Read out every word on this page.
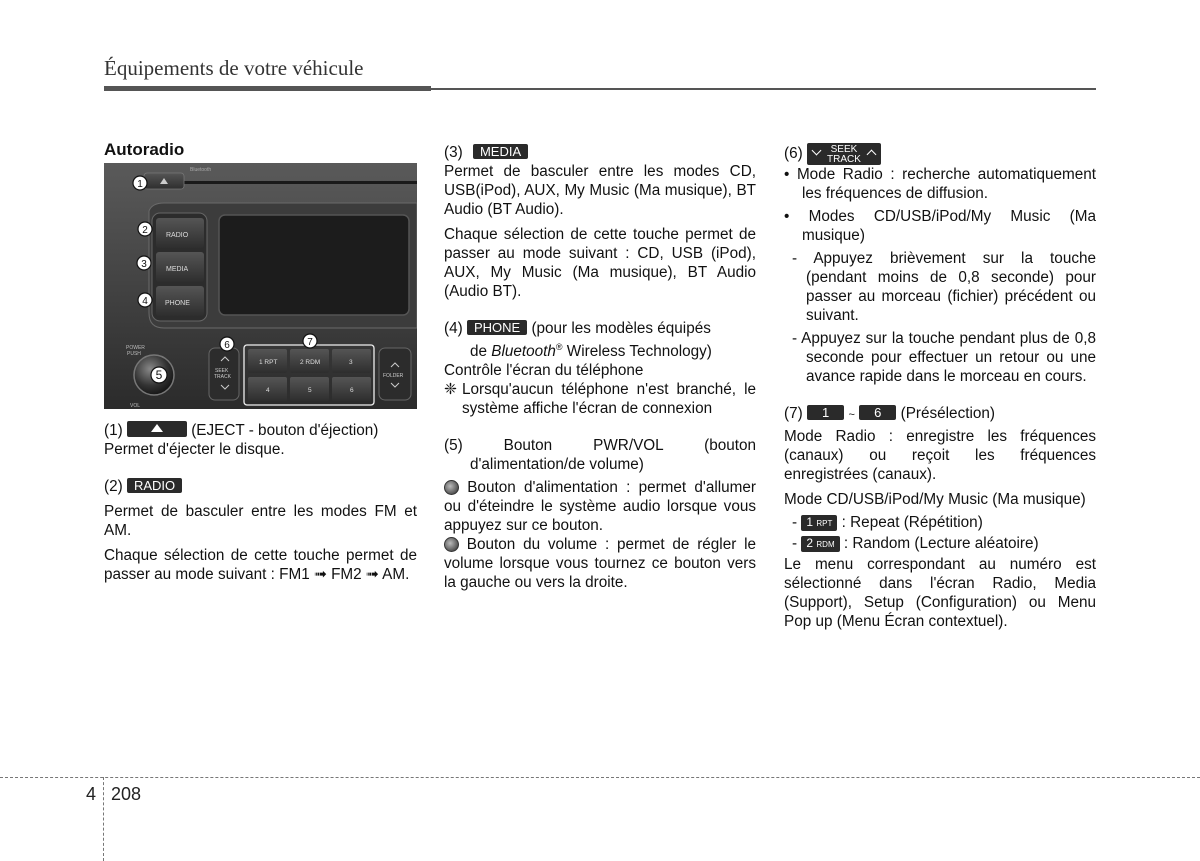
Équipements de votre véhicule

Autoradio

Bluetooth
RADIO
MEDIA
PHONE
POWER
PUSH
VOL
SEEK
TRACK
1 RPT	2 RDM	3
4	5	6
FOLDER
1
2
3
4
5
6	7

(1)	(EJECT - bouton d'éjection)

Permet d'éjecter le disque.

(2) RADIO

Permet de basculer entre les modes FM et AM.

Chaque sélection de cette touche permet de passer au mode suivant : FM1 ➟ FM2 ➟ AM.

(3) MEDIA

Permet de basculer entre les modes CD, USB(iPod), AUX, My Music (Ma musique), BT Audio (BT Audio).

Chaque sélection de cette touche permet de passer au mode suivant : CD, USB (iPod), AUX, My Music (Ma musique), BT Audio (Audio BT).

(4) PHONE (pour les modèles équipés

de Bluetooth® Wireless Technology)

Contrôle l'écran du téléphone

❈ Lorsqu'aucun téléphone n'est branché, le système affiche l'écran de connexion

(5) Bouton PWR/VOL (bouton

d'alimentation/de volume)

Bouton d'alimentation : permet d'allumer ou d'éteindre le système audio lorsque vous appuyez sur ce bouton.

Bouton du volume : permet de régler le volume lorsque vous tournez ce bouton vers la gauche ou vers la droite.

(6)	SEEK
TRACK

• Mode Radio : recherche automatiquement les fréquences de diffusion.

• Modes CD/USB/iPod/My Music (Ma musique)

- Appuyez brièvement sur la touche (pendant moins de 0,8 seconde) pour passer au morceau (fichier) précédent ou suivant.

- Appuyez sur la touche pendant plus de 0,8 seconde pour effectuer un retour ou une avance rapide dans le morceau en cours.

(7) 1 ~ 6 (Présélection)

Mode Radio : enregistre les fréquences (canaux) ou reçoit les fréquences enregistrées (canaux).

Mode CD/USB/iPod/My Music (Ma musique)

- 1 RPT : Repeat (Répétition)

- 2 RDM : Random (Lecture aléatoire)

Le menu correspondant au numéro est sélectionné dans l'écran Radio, Media (Support), Setup (Configuration) ou Menu Pop up (Menu Écran contextuel).

4 208
